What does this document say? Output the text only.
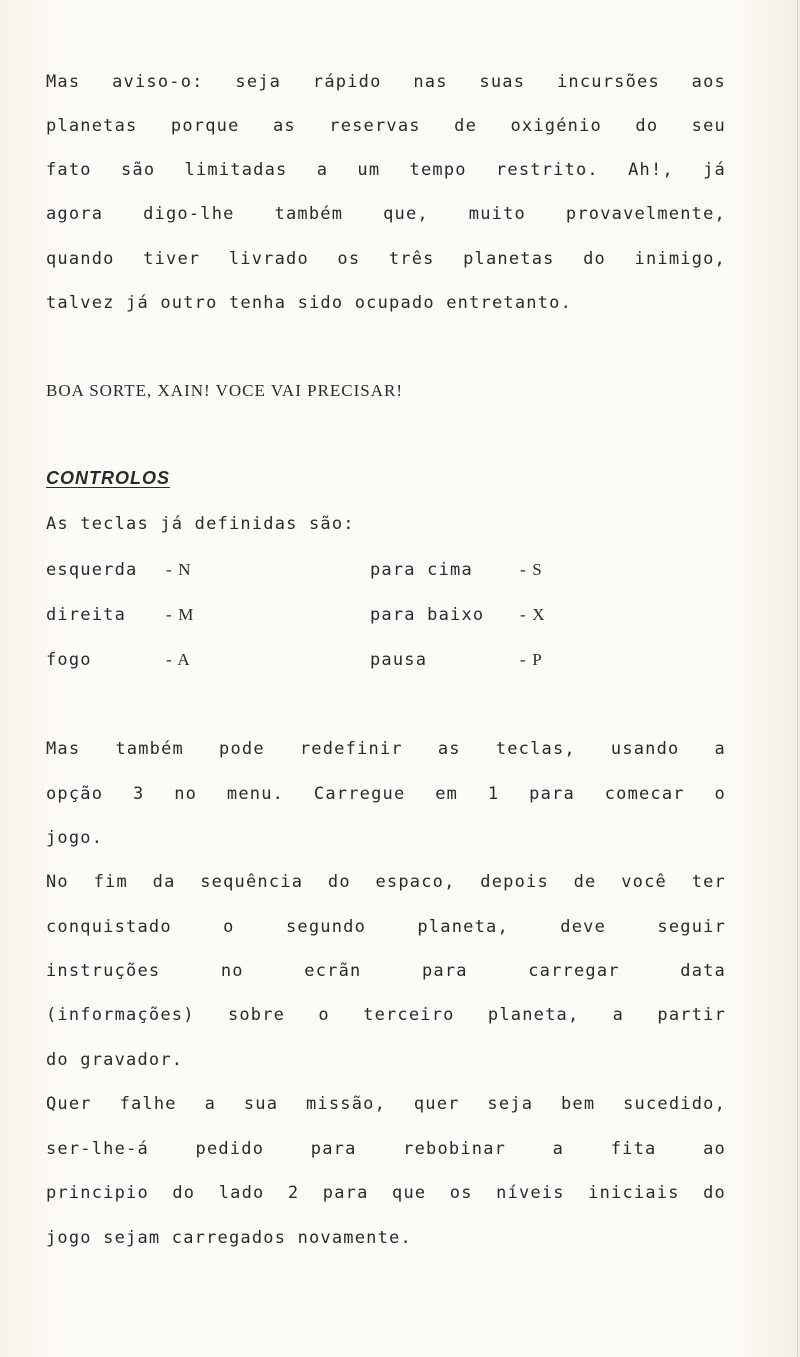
Mas aviso-o: seja rápido nas suas incursões aos
planetas porque as reservas de oxigénio do seu
fato são limitadas a um tempo restrito. Ah!, já
agora digo-lhe também que, muito provavelmente,
quando tiver livrado os três planetas do inimigo,
talvez já outro tenha sido ocupado entretanto.
BOA SORTE, XAIN! VOCE VAI PRECISAR!
CONTROLOS
As teclas já definidas são:
esquerda - N	para cima	- S
direita - M	para baixo - X
fogo	- A	pausa	- P
Mas também pode redefinir as teclas, usando a
opção 3 no menu. Carregue em 1 para comecar o
jogo.
No fim da sequência do espaco, depois de você ter
conquistado o segundo planeta, deve seguir
instruções no ecrãn para carregar data
(informações) sobre o terceiro planeta, a partir
do gravador.
Quer falhe a sua missão, quer seja bem sucedido,
ser-lhe-á pedido para rebobinar a fita ao
principio do lado 2 para que os níveis iniciais do
jogo sejam carregados novamente.
